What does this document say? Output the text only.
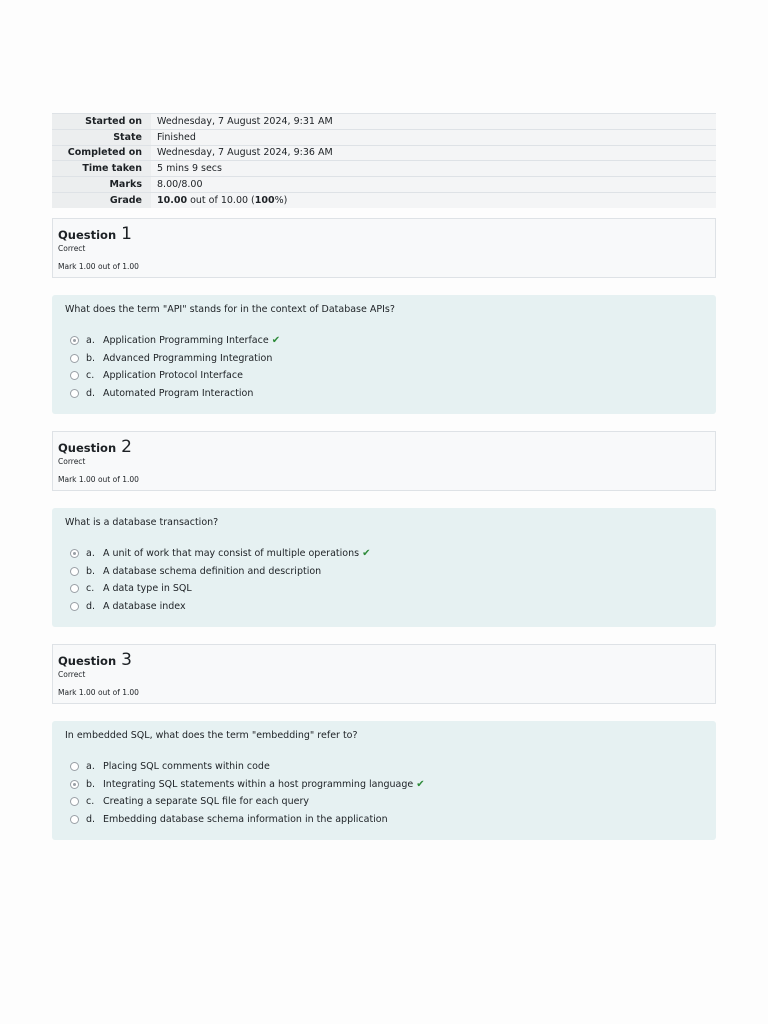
Started on	Wednesday, 7 August 2024, 9:31 AM
State	Finished
Completed on	Wednesday, 7 August 2024, 9:36 AM
Time taken	5 mins 9 secs
Marks	8.00/8.00
Grade	10.00 out of 10.00 (100%)
Question 1
Correct
Mark 1.00 out of 1.00
What does the term "API" stands for in the context of Database APIs?
a. Application Programming Interface ✔
b. Advanced Programming Integration
c. Application Protocol Interface
d. Automated Program Interaction
Question 2
Correct
Mark 1.00 out of 1.00
What is a database transaction?
a. A unit of work that may consist of multiple operations ✔
b. A database schema definition and description
c. A data type in SQL
d. A database index
Question 3
Correct
Mark 1.00 out of 1.00
In embedded SQL, what does the term "embedding" refer to?
a. Placing SQL comments within code
b. Integrating SQL statements within a host programming language ✔
c. Creating a separate SQL file for each query
d. Embedding database schema information in the application
